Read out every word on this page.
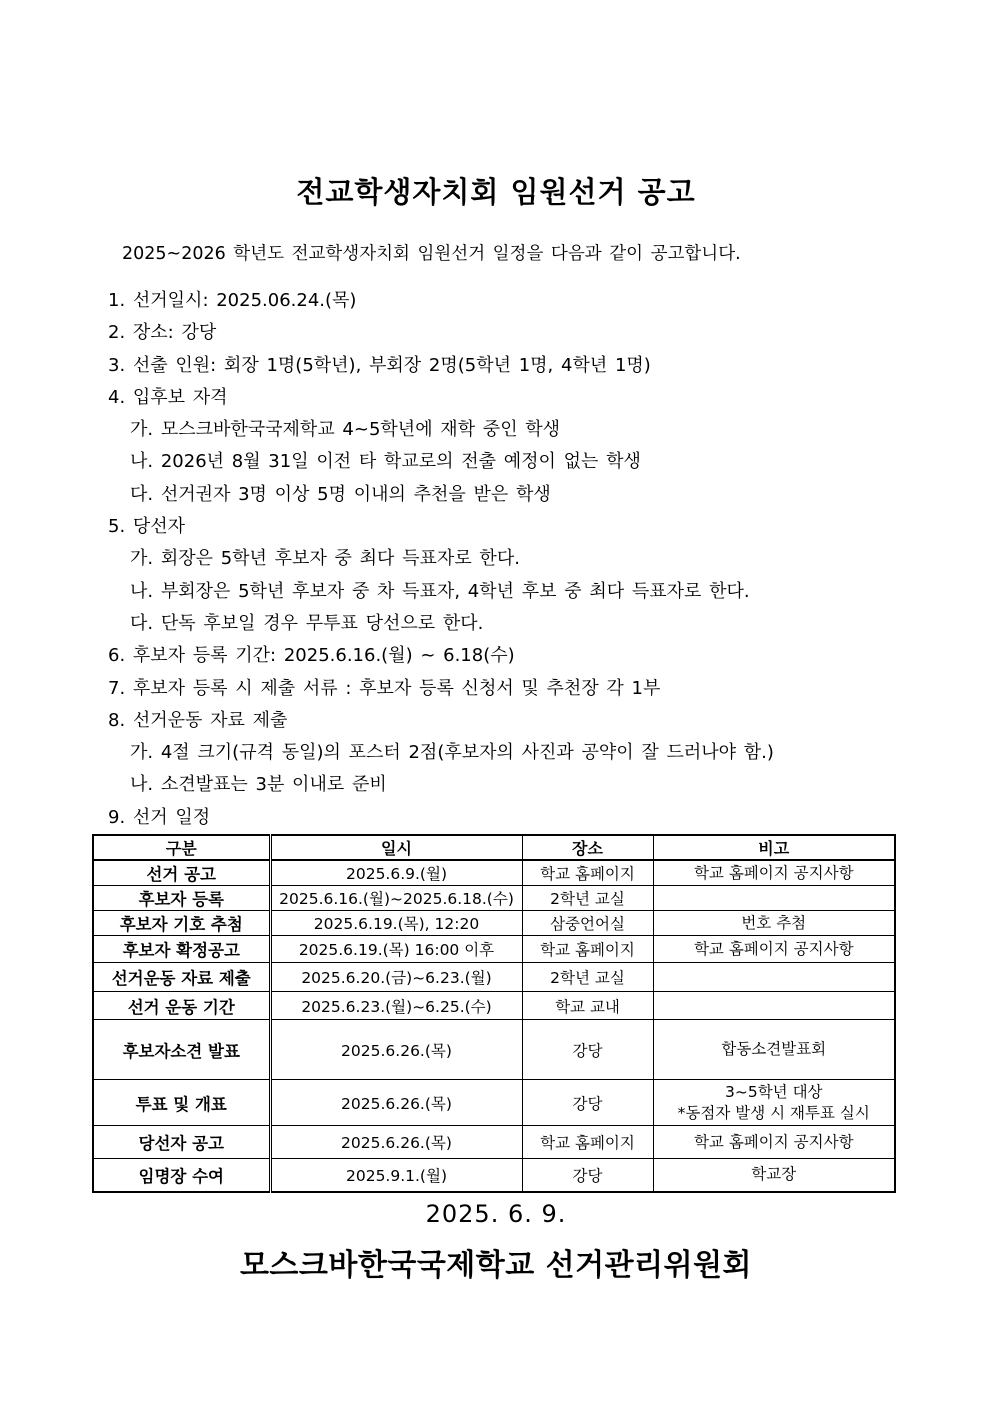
전교학생자치회 임원선거 공고
2025~2026 학년도 전교학생자치회 임원선거 일정을 다음과 같이 공고합니다.
1. 선거일시: 2025.06.24.(목)
2. 장소: 강당
3. 선출 인원: 회장 1명(5학년), 부회장 2명(5학년 1명, 4학년 1명)
4. 입후보 자격
가. 모스크바한국국제학교 4~5학년에 재학 중인 학생
나. 2026년 8월 31일 이전 타 학교로의 전출 예정이 없는 학생
다. 선거권자 3명 이상 5명 이내의 추천을 받은 학생
5. 당선자
가. 회장은 5학년 후보자 중 최다 득표자로 한다.
나. 부회장은 5학년 후보자 중 차 득표자, 4학년 후보 중 최다 득표자로 한다.
다. 단독 후보일 경우 무투표 당선으로 한다.
6. 후보자 등록 기간: 2025.6.16.(월) ~ 6.18(수)
7. 후보자 등록 시 제출 서류 : 후보자 등록 신청서 및 추천장 각 1부
8. 선거운동 자료 제출
가. 4절 크기(규격 동일)의 포스터 2점(후보자의 사진과 공약이 잘 드러나야 함.)
나. 소견발표는 3분 이내로 준비
9. 선거 일정
구분	일시	장소	비고
선거 공고	2025.6.9.(월)	학교 홈페이지	학교 홈페이지 공지사항

후보자 등록	2025.6.16.(월)~2025.6.18.(수)	2학년 교실	
후보자 기호 추첨	2025.6.19.(목), 12:20	삼중언어실	번호 추첨

후보자 확정공고	2025.6.19.(목) 16:00 이후	학교 홈페이지	학교 홈페이지 공지사항

선거운동 자료 제출	2025.6.20.(금)~6.23.(월)	2학년 교실	
선거 운동 기간	2025.6.23.(월)~6.25.(수)	학교 교내	
후보자소견 발표	2025.6.26.(목)	강당	합동소견발표회

투표 및 개표	2025.6.26.(목)	강당	3~5학년 대상
*동점자 발생 시 재투표 실시

당선자 공고	2025.6.26.(목)	학교 홈페이지	학교 홈페이지 공지사항

임명장 수여	2025.9.1.(월)	강당	학교장
2025. 6. 9.
모스크바한국국제학교 선거관리위원회
